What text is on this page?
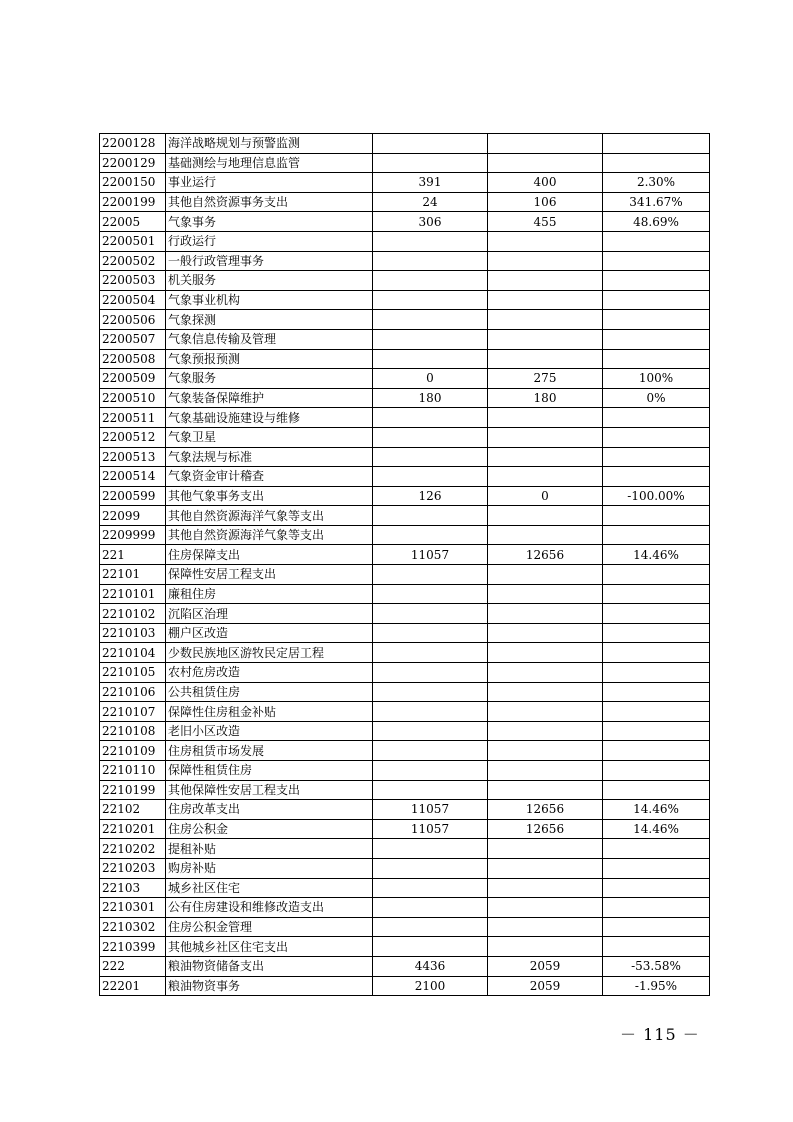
2200128	海洋战略规划与预警监测			
2200129	基础测绘与地理信息监管			
2200150	事业运行	391	400	2.30%
2200199	其他自然资源事务支出	24	106	341.67%
22005	气象事务	306	455	48.69%
2200501	行政运行			
2200502	一般行政管理事务			
2200503	机关服务			
2200504	气象事业机构			
2200506	气象探测			
2200507	气象信息传输及管理			
2200508	气象预报预测			
2200509	气象服务	0	275	100%
2200510	气象装备保障维护	180	180	0%
2200511	气象基础设施建设与维修			
2200512	气象卫星			
2200513	气象法规与标准			
2200514	气象资金审计稽查			
2200599	其他气象事务支出	126	0	-100.00%
22099	其他自然资源海洋气象等支出			
2209999	其他自然资源海洋气象等支出			
221	住房保障支出	11057	12656	14.46%
22101	保障性安居工程支出			
2210101	廉租住房			
2210102	沉陷区治理			
2210103	棚户区改造			
2210104	少数民族地区游牧民定居工程			
2210105	农村危房改造			
2210106	公共租赁住房			
2210107	保障性住房租金补贴			
2210108	老旧小区改造			
2210109	住房租赁市场发展			
2210110	保障性租赁住房			
2210199	其他保障性安居工程支出			
22102	住房改革支出	11057	12656	14.46%
2210201	住房公积金	11057	12656	14.46%
2210202	提租补贴			
2210203	购房补贴			
22103	城乡社区住宅			
2210301	公有住房建设和维修改造支出			
2210302	住房公积金管理			
2210399	其他城乡社区住宅支出			
222	粮油物资储备支出	4436	2059	-53.58%
22201	粮油物资事务	2100	2059	-1.95%
－ 115 －
